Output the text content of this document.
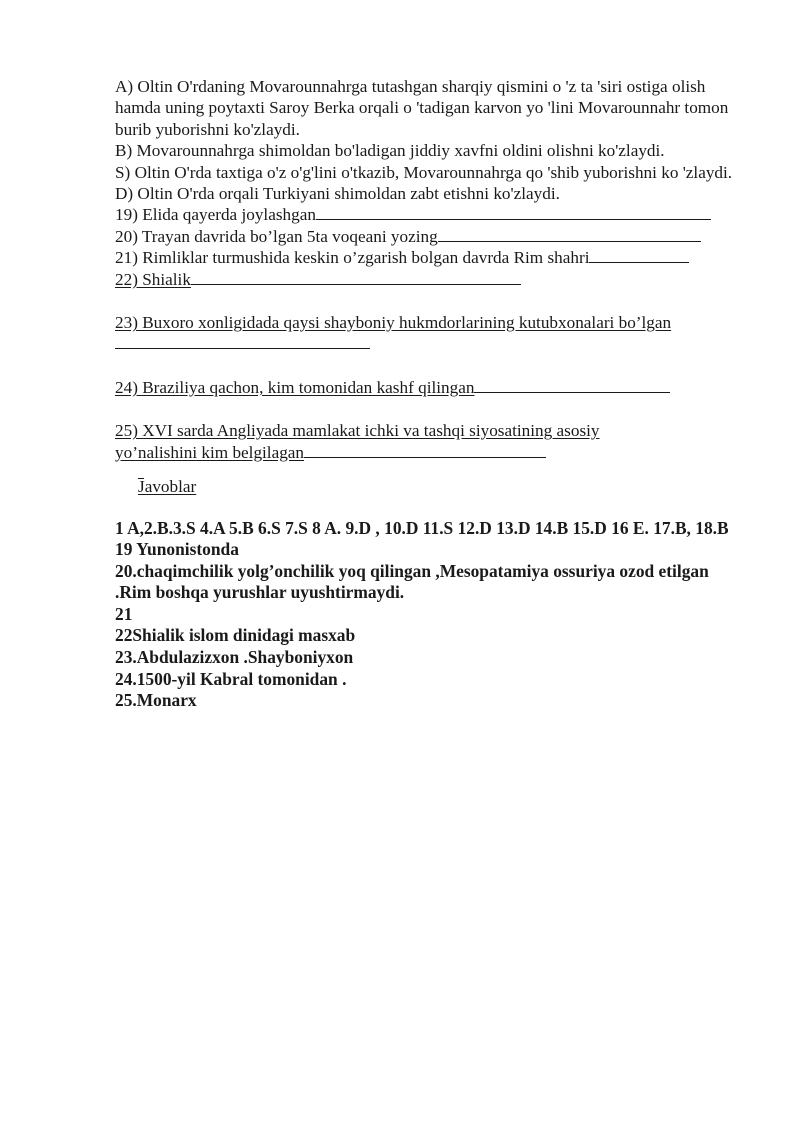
A) Oltin O'rdaning Movarounnahrga tutashgan sharqiy qismini o 'z ta 'siri ostiga olish hamda uning poytaxti Saroy Berka orqali o 'tadigan karvon yo 'lini Movarounnahr tomon burib yuborishni ko'zlaydi.
B) Movarounnahrga shimoldan bo'ladigan jiddiy xavfni oldini olishni ko'zlaydi.
S) Oltin O'rda taxtiga o'z o'g'lini o'tkazib, Movarounnahrga qo 'shib yuborishni ko 'zlaydi.
D) Oltin O'rda orqali Turkiyani shimoldan zabt etishni ko'zlaydi.
19) Elida qayerda joylashgan
20) Trayan davrida bo’lgan 5ta voqeani yozing
21) Rimliklar turmushida keskin o’zgarish bolgan davrda Rim shahri
22) Shialik
23) Buxoro xonligidada qaysi shayboniy hukmdorlarining kutubxonalari bo’lgan
24) Braziliya qachon, kim tomonidan kashf qilingan
25) XVI sarda Angliyada mamlakat ichki va tashqi siyosatining asosiy yo’nalishini kim belgilagan
Javoblar
1 A,2.B.3.S 4.A 5.B 6.S 7.S 8 A. 9.D , 10.D 11.S 12.D 13.D 14.B 15.D 16 E. 17.B, 18.B
19 Yunonistonda
20.chaqimchilik yolg’onchilik yoq qilingan ,Mesopatamiya ossuriya ozod etilgan .Rim boshqa yurushlar uyushtirmaydi.
21
22Shialik islom dinidagi masxab
23.Abdulazizxon .Shayboniyxon
24.1500-yil Kabral tomonidan .
25.Monarx
